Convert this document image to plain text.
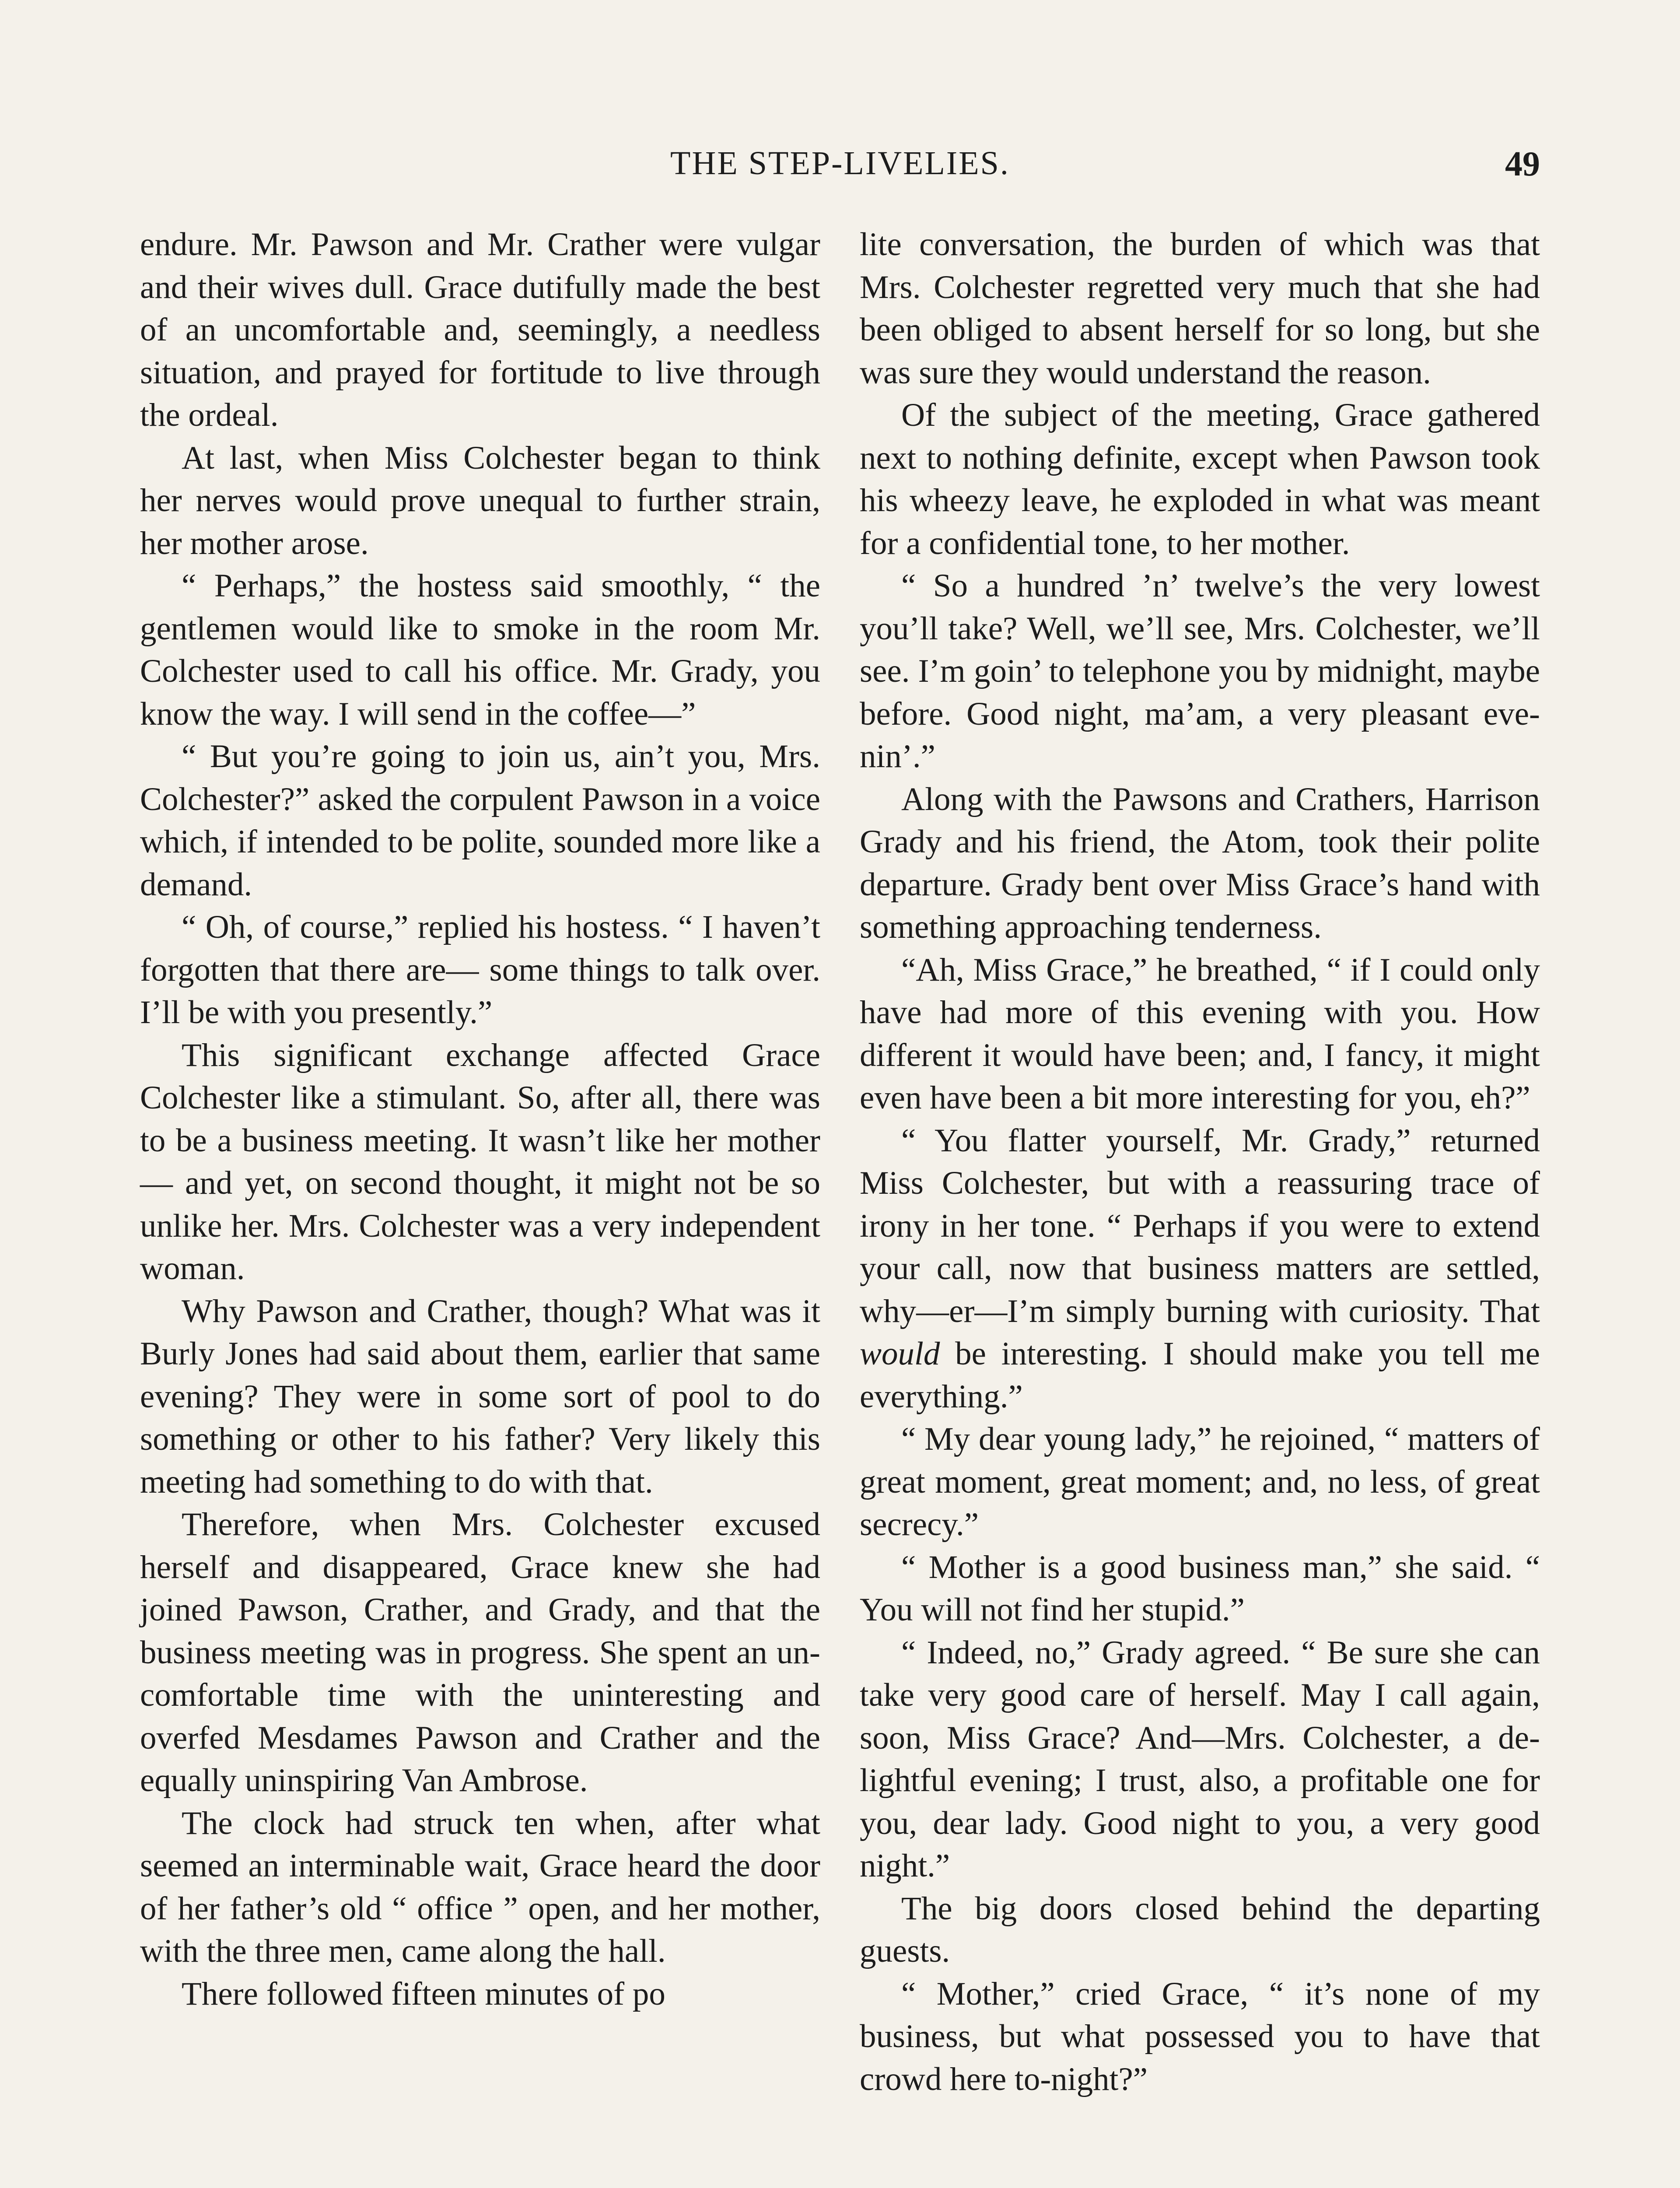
THE STEP-LIVELIES.	49

endure. Mr. Pawson and Mr. Crather were vulgar and their wives dull. Grace dutifully made the best of an uncomfortable and, seemingly, a needless situation, and prayed for fortitude to live through the ordeal.

At last, when Miss Colchester began to think her nerves would prove unequal to further strain, her mother arose.

“ Perhaps,” the hostess said smoothly, “ the gentlemen would like to smoke in the room Mr. Colchester used to call his office. Mr. Grady, you know the way. I will send in the coffee—”

“ But you’re going to join us, ain’t you, Mrs. Colchester?” asked the corpulent Pawson in a voice which, if intended to be polite, sounded more like a demand.

“ Oh, of course,” replied his hostess. “ I haven’t forgotten that there are— some things to talk over. I’ll be with you presently.”

This significant exchange affected Grace Colchester like a stimulant. So, after all, there was to be a business meeting. It wasn’t like her mother— and yet, on second thought, it might not be so unlike her. Mrs. Colchester was a very independent woman.

Why Pawson and Crather, though? What was it Burly Jones had said about them, earlier that same evening? They were in some sort of pool to do something or other to his father? Very likely this meeting had something to do with that.

Therefore, when Mrs. Colchester excused herself and disappeared, Grace knew she had joined Pawson, Crather, and Grady, and that the business meeting was in progress. She spent an uncomfortable time with the uninteresting and overfed Mesdames Pawson and Crather and the equally uninspiring Van Ambrose.

The clock had struck ten when, after what seemed an interminable wait, Grace heard the door of her father’s old “ office ” open, and her mother, with the three men, came along the hall.

There followed fifteen minutes of po

lite conversation, the burden of which was that Mrs. Colchester regretted very much that she had been obliged to absent herself for so long, but she was sure they would understand the reason.

Of the subject of the meeting, Grace gathered next to nothing definite, except when Pawson took his wheezy leave, he exploded in what was meant for a confidential tone, to her mother.

“ So a hundred ’n’ twelve’s the very lowest you’ll take? Well, we’ll see, Mrs. Colchester, we’ll see. I’m goin’ to telephone you by midnight, maybe before. Good night, ma’am, a very pleasant evenin’.”

Along with the Pawsons and Crathers, Harrison Grady and his friend, the Atom, took their polite departure. Grady bent over Miss Grace’s hand with something approaching tenderness.

“Ah, Miss Grace,” he breathed, “ if I could only have had more of this evening with you. How different it would have been; and, I fancy, it might even have been a bit more interesting for you, eh?”

“ You flatter yourself, Mr. Grady,” returned Miss Colchester, but with a reassuring trace of irony in her tone. “ Perhaps if you were to extend your call, now that business matters are settled, why—er—I’m simply burning with curiosity. That would be interesting. I should make you tell me everything.”

“ My dear young lady,” he rejoined, “ matters of great moment, great moment; and, no less, of great secrecy.”

“ Mother is a good business man,” she said. “ You will not find her stupid.”

“ Indeed, no,” Grady agreed. “ Be sure she can take very good care of herself. May I call again, soon, Miss Grace? And—Mrs. Colchester, a delightful evening; I trust, also, a profitable one for you, dear lady. Good night to you, a very good night.”

The big doors closed behind the departing guests.

“ Mother,” cried Grace, “ it’s none of my business, but what possessed you to have that crowd here to-night?”
